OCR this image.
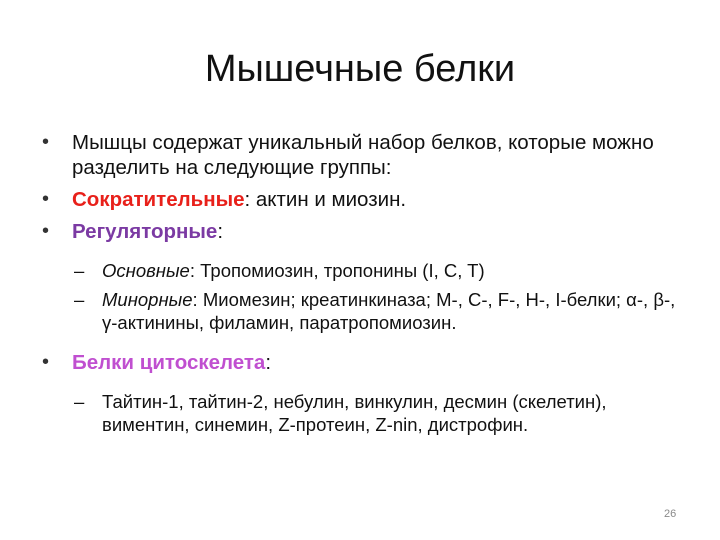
Мышечные белки
• Мышцы содержат уникальный набор белков, которые можно разделить на следующие группы:
• Сократительные: актин и миозин.
• Регуляторные:
– Основные: Тропомиозин, тропонины (I, C, T)
– Минорные: Миомезин; креатинкиназа; М-, С-, F-, H-, I-белки; α-, β-, γ-актинины, филамин, паратропомиозин.
• Белки цитоскелета:
– Тайтин-1, тайтин-2, небулин, винкулин, десмин (скелетин), виментин, синемин, Z-протеин, Z-nin, дистрофин.
26
